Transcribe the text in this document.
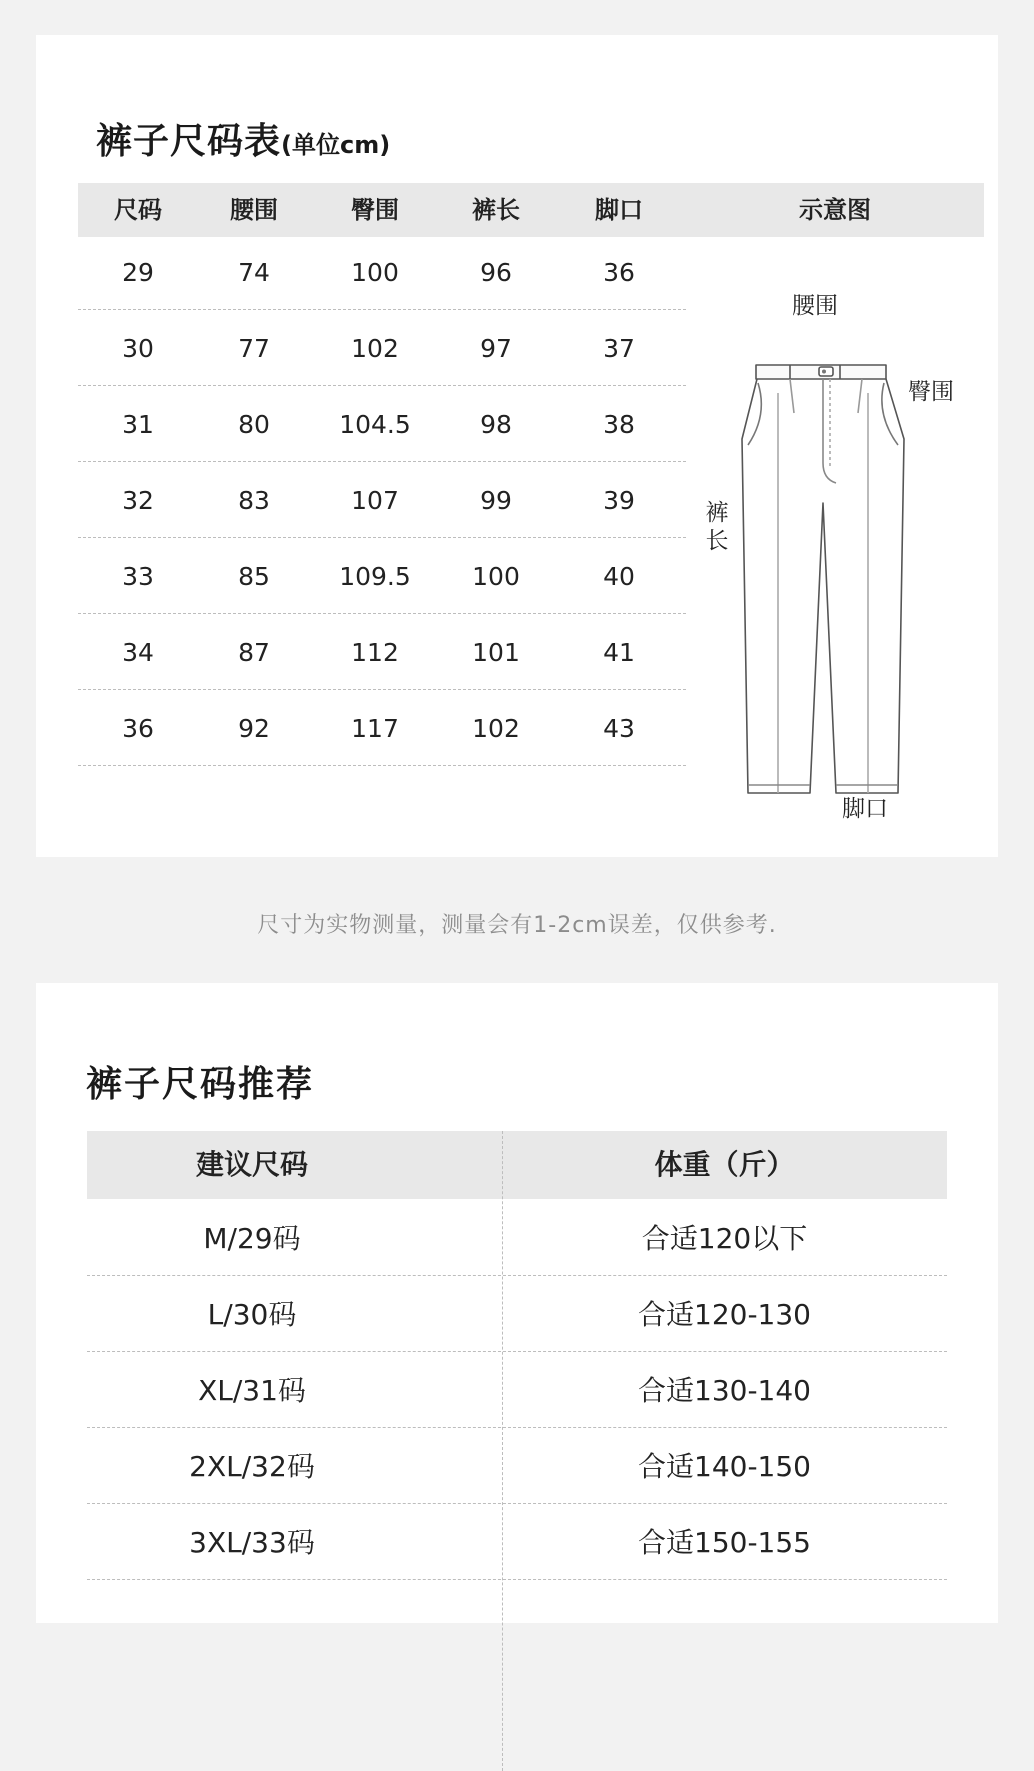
裤子尺码表(单位cm)
尺码	腰围	臀围	裤长	脚口	示意图
29	74	100	96	36
30	77	102	97	37
31	80	104.5	98	38
32	83	107	99	39
33	85	109.5	100	40
34	87	112	101	41
36	92	117	102	43
腰围
臀围
裤长
脚口
尺寸为实物测量，测量会有1-2cm误差，仅供参考.
裤子尺码推荐
建议尺码	体重（斤）
M/29码	合适120以下
L/30码	合适120-130
XL/31码	合适130-140
2XL/32码	合适140-150
3XL/33码	合适150-155
